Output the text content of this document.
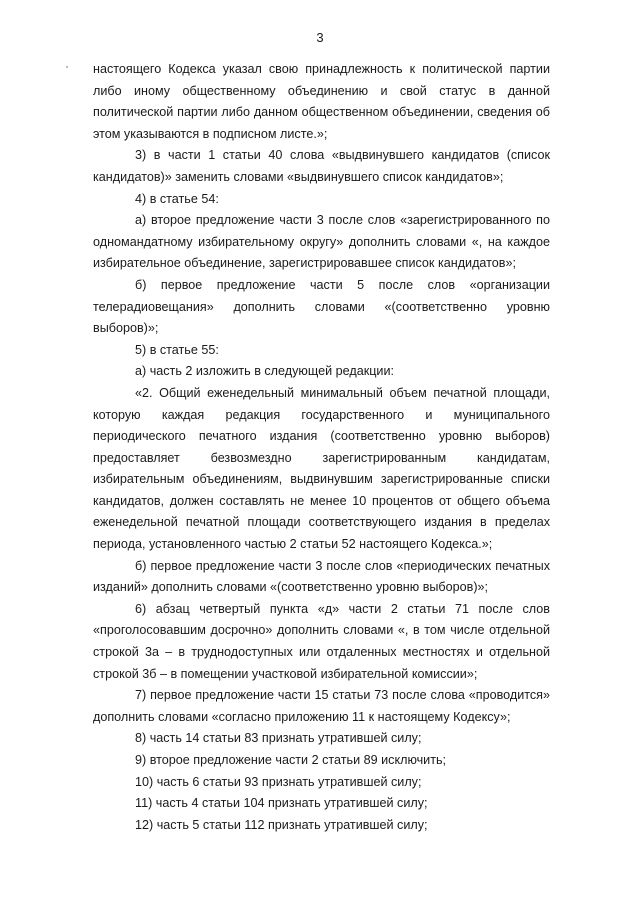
3

настоящего Кодекса указал свою принадлежность к политической партии либо иному общественному объединению и свой статус в данной политической партии либо данном общественном объединении, сведения об этом указываются в подписном листе.»;

3) в части 1 статьи 40 слова «выдвинувшего кандидатов (список кандидатов)» заменить словами «выдвинувшего список кандидатов»;

4) в статье 54:

а) второе предложение части 3 после слов «зарегистрированного по одномандатному избирательному округу» дополнить словами «, на каждое избирательное объединение, зарегистрировавшее список кандидатов»;

б) первое предложение части 5 после слов «организации телерадиовещания» дополнить словами «(соответственно уровню выборов)»;

5) в статье 55:

а) часть 2 изложить в следующей редакции:

«2. Общий еженедельный минимальный объем печатной площади, которую каждая редакция государственного и муниципального периодического печатного издания (соответственно уровню выборов) предоставляет безвозмездно зарегистрированным кандидатам, избирательным объединениям, выдвинувшим зарегистрированные списки кандидатов, должен составлять не менее 10 процентов от общего объема еженедельной печатной площади соответствующего издания в пределах периода, установленного частью 2 статьи 52 настоящего Кодекса.»;

б) первое предложение части 3 после слов «периодических печатных изданий» дополнить словами «(соответственно уровню выборов)»;

6) абзац четвертый пункта «д» части 2 статьи 71 после слов «проголосовавшим досрочно» дополнить словами «, в том числе отдельной строкой 3а – в труднодоступных или отдаленных местностях и отдельной строкой 3б – в помещении участковой избирательной комиссии»;

7) первое предложение части 15 статьи 73 после слова «проводится» дополнить словами «согласно приложению 11 к настоящему Кодексу»;

8) часть 14 статьи 83 признать утратившей силу;

9) второе предложение части 2 статьи 89 исключить;

10) часть 6 статьи 93 признать утратившей силу;

11) часть 4 статьи 104 признать утратившей силу;

12) часть 5 статьи 112 признать утратившей силу;
